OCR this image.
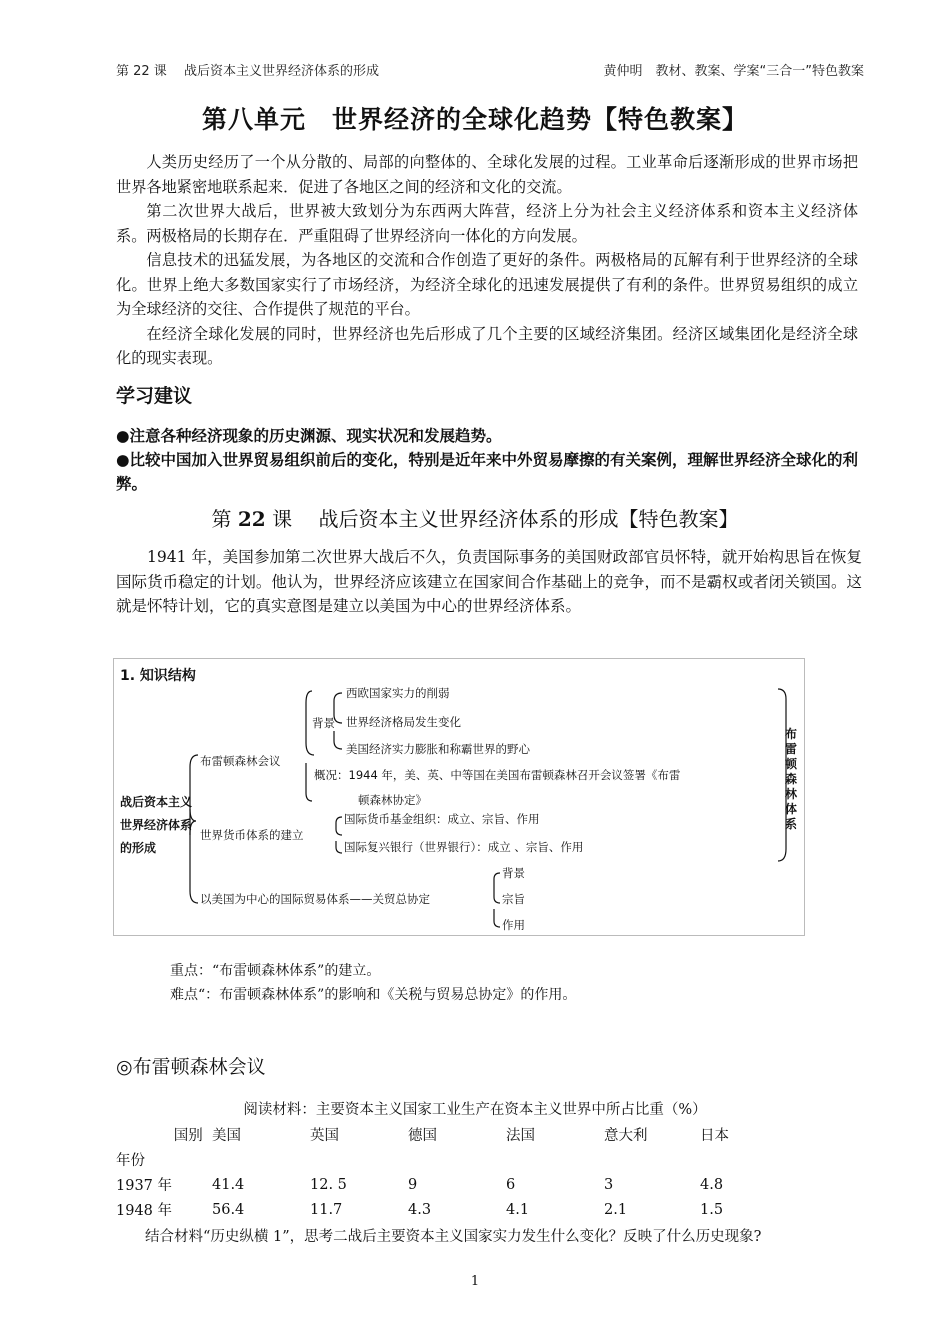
第 22 课　 战后资本主义世界经济体系的形成	黄仲明　教材、教案、学案“三合一”特色教案
第八单元　世界经济的全球化趋势【特色教案】

人类历史经历了一个从分散的、局部的向整体的、全球化发展的过程。工业革命后逐渐形成的世界市场把世界各地紧密地联系起来．促进了各地区之间的经济和文化的交流。

第二次世界大战后，世界被大致划分为东西两大阵营，经济上分为社会主义经济体系和资本主义经济体系。两极格局的长期存在．严重阻碍了世界经济向一体化的方向发展。

信息技术的迅猛发展，为各地区的交流和合作创造了更好的条件。两极格局的瓦解有利于世界经济的全球化。世界上绝大多数国家实行了市场经济，为经济全球化的迅速发展提供了有利的条件。世界贸易组织的成立为全球经济的交往、合作提供了规范的平台。

在经济全球化发展的同时，世界经济也先后形成了几个主要的区域经济集团。经济区域集团化是经济全球化的现实表现。

学习建议
●注意各种经济现象的历史渊源、现实状况和发展趋势。
●比较中国加入世界贸易组织前后的变化，特别是近年来中外贸易摩擦的有关案例，理解世界经济全球化的利弊。
第 22 课　 战后资本主义世界经济体系的形成【特色教案】
1941 年，美国参加第二次世界大战后不久，负责国际事务的美国财政部官员怀特，就开始构思旨在恢复国际货币稳定的计划。他认为，世界经济应该建立在国家间合作基础上的竞争，而不是霸权或者闭关锁国。这就是怀特计划，它的真实意图是建立以美国为中心的世界经济体系。
1. 知识结构
战后资本主义世界经济体系的形成
布雷顿森林会议
背景
西欧国家实力的削弱
世界经济格局发生变化
美国经济实力膨胀和称霸世界的野心
概况：1944 年，美、英、中等国在美国布雷顿森林召开会议签署《布雷
顿森林协定》
世界货币体系的建立
国际货币基金组织：成立、宗旨、作用
国际复兴银行（世界银行）：成立 、宗旨、作用
以美国为中心的国际贸易体系——关贸总协定
背景
宗旨
作用
布雷顿森林体系
重点：“布雷顿森林体系”的建立。
难点“：布雷顿森林体系”的影响和《关税与贸易总协定》的作用。
◎布雷顿森林会议
阅读材料：主要资本主义国家工业生产在资本主义世界中所占比重（%）
国别	美国	英国	德国	法国	意大利	日本
年份						
1937 年	41.4	12. 5	9	6	3	4.8
1948 年	56.4	11.7	4.3	4.1	2.1	1.5
结合材料“历史纵横 1”，思考二战后主要资本主义国家实力发生什么变化？反映了什么历史现象?
1
